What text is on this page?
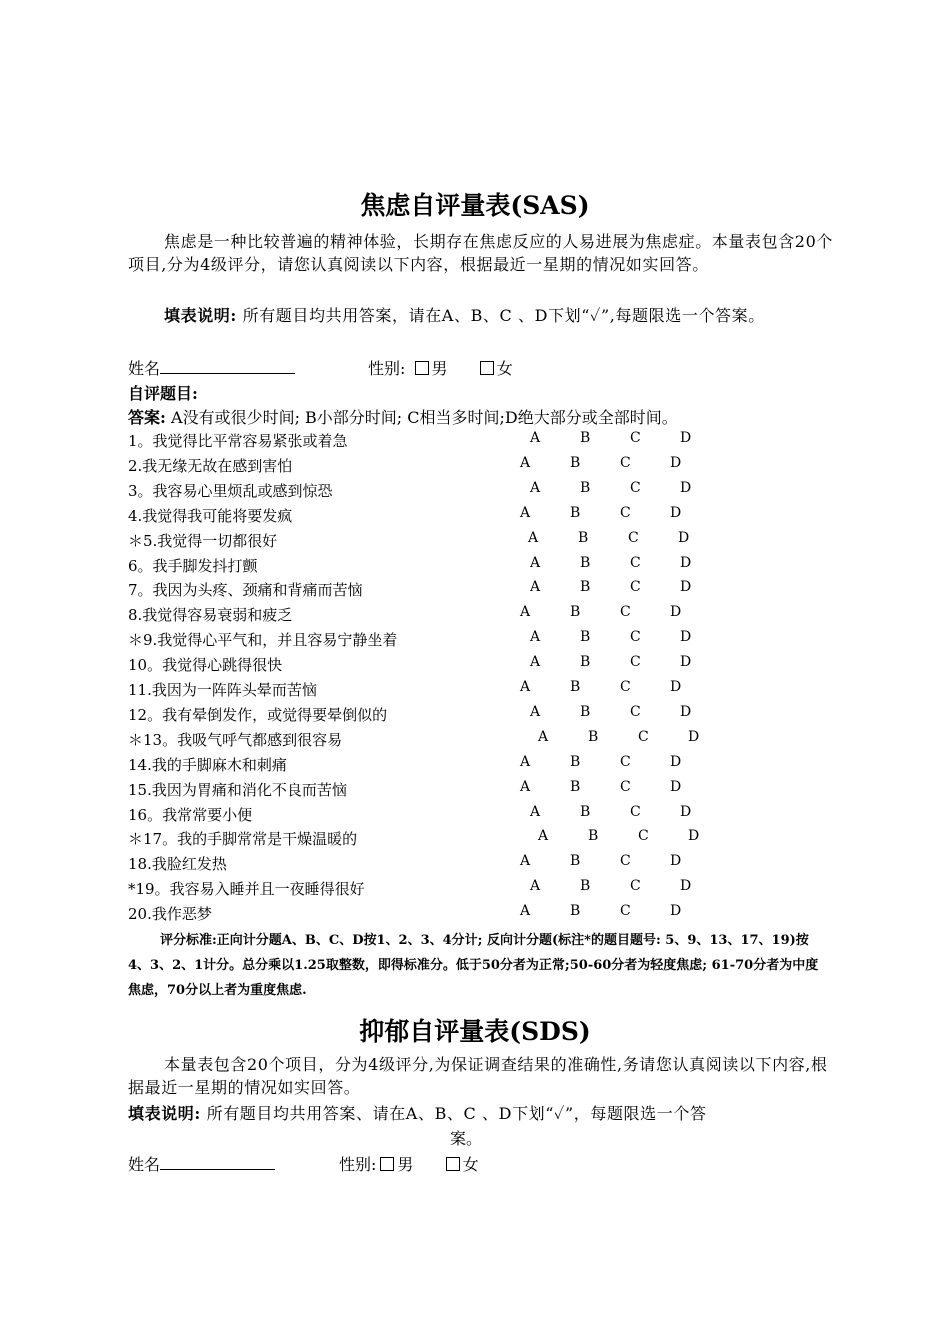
焦虑自评量表(SAS)
焦虑是一种比较普遍的精神体验，长期存在焦虑反应的人易进展为焦虑症。本量表包含20个项目,分为4级评分，请您认真阅读以下内容，根据最近一星期的情况如实回答。
填表说明: 所有题目均共用答案，请在A、B、C 、D下划“✓”,每题限选一个答案。
姓名	性别: 男	女
自评题目:
答案: A没有或很少时间; B小部分时间; C相当多时间;D绝大部分或全部时间。
1。我觉得比平常容易紧张或着急	A	B	C	D
2.我无缘无故在感到害怕	A	B	C	D
3。我容易心里烦乱或感到惊恐	A	B	C	D
4.我觉得我可能将要发疯	A	B	C	D
＊5.我觉得一切都很好	A	B	C	D
6。我手脚发抖打颤	A	B	C	D
7。我因为头疼、颈痛和背痛而苦恼	A	B	C	D
8.我觉得容易衰弱和疲乏	A	B	C	D
＊9.我觉得心平气和，并且容易宁静坐着	A	B	C	D
10。我觉得心跳得很快	A	B	C	D
11.我因为一阵阵头晕而苦恼	A	B	C	D
12。我有晕倒发作，或觉得要晕倒似的	A	B	C	D
＊13。我吸气呼气都感到很容易	A	B	C	D
14.我的手脚麻木和刺痛	A	B	C	D
15.我因为胃痛和消化不良而苦恼	A	B	C	D
16。我常常要小便	A	B	C	D
＊17。我的手脚常常是干燥温暖的	A	B	C	D
18.我脸红发热	A	B	C	D
*19。我容易入睡并且一夜睡得很好	A	B	C	D
20.我作恶梦	A	B	C	D
评分标准:正向计分题A、B、C、D按1、2、3、4分计; 反向计分题(标注*的题目题号: 5、9、13、17、19)按4、3、2、1计分。总分乘以1.25取整数，即得标准分。低于50分者为正常;50-60分者为轻度焦虑; 61-70分者为中度焦虑，70分以上者为重度焦虑.
抑郁自评量表(SDS)
本量表包含20个项目，分为4级评分,为保证调查结果的准确性,务请您认真阅读以下内容,根据最近一星期的情况如实回答。
填表说明: 所有题目均共用答案、请在A、B、C 、D下划“✓”，每题限选一个答
案。
姓名	性别: 男	女
